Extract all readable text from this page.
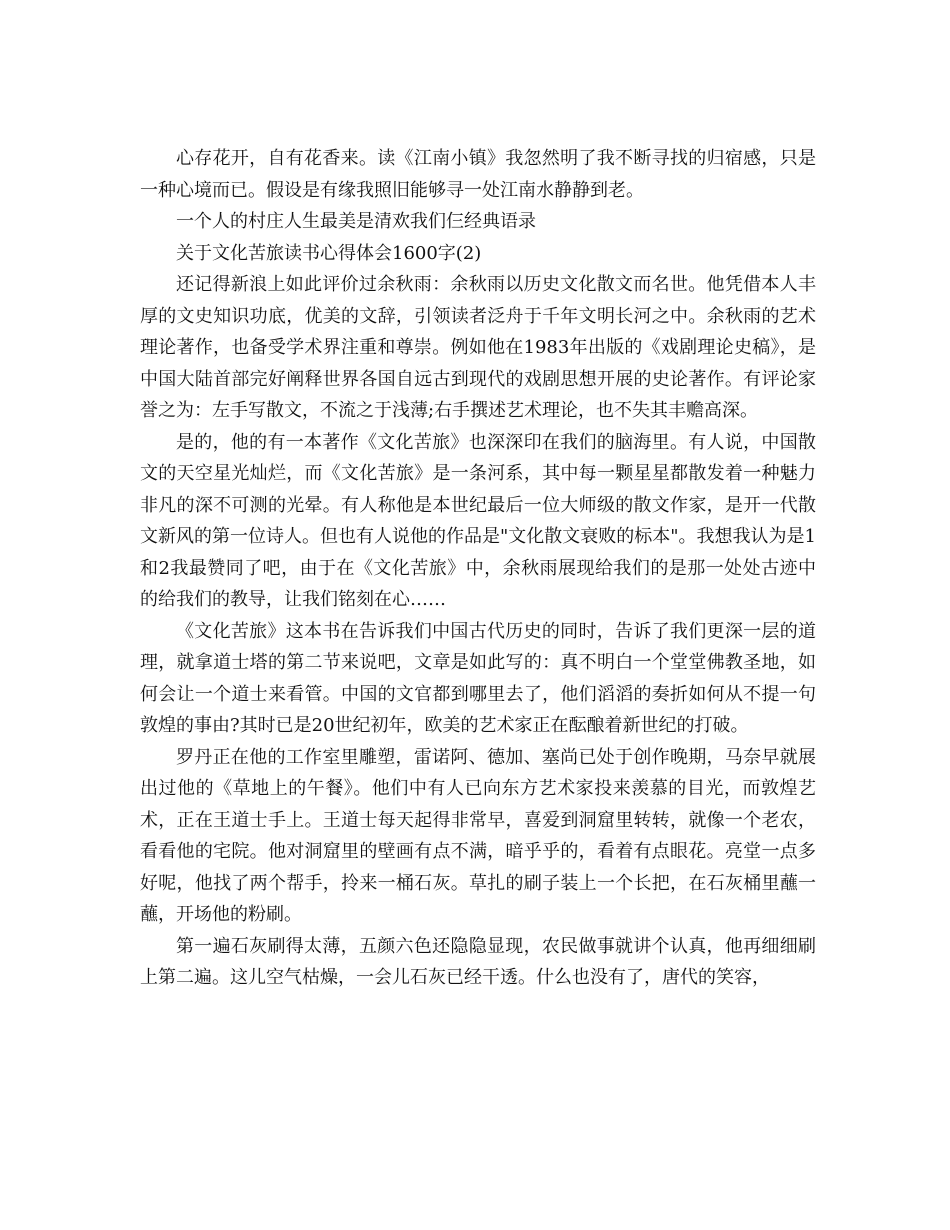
心存花开，自有花香来。读《江南小镇》我忽然明了我不断寻找的归宿感，只是一种心境而已。假设是有缘我照旧能够寻一处江南水静静到老。

一个人的村庄人生最美是清欢我们仨经典语录

关于文化苦旅读书心得体会1600字(2)

还记得新浪上如此评价过余秋雨：余秋雨以历史文化散文而名世。他凭借本人丰厚的文史知识功底，优美的文辞，引领读者泛舟于千年文明长河之中。余秋雨的艺术理论著作，也备受学术界注重和尊崇。例如他在1983年出版的《戏剧理论史稿》，是中国大陆首部完好阐释世界各国自远古到现代的戏剧思想开展的史论著作。有评论家誉之为：左手写散文，不流之于浅薄;右手撰述艺术理论，也不失其丰赡高深。

是的，他的有一本著作《文化苦旅》也深深印在我们的脑海里。有人说，中国散文的天空星光灿烂，而《文化苦旅》是一条河系，其中每一颗星星都散发着一种魅力非凡的深不可测的光晕。有人称他是本世纪最后一位大师级的散文作家，是开一代散文新风的第一位诗人。但也有人说他的作品是"文化散文衰败的标本"。我想我认为是1和2我最赞同了吧，由于在《文化苦旅》中，余秋雨展现给我们的是那一处处古迹中的给我们的教导，让我们铭刻在心……

《文化苦旅》这本书在告诉我们中国古代历史的同时，告诉了我们更深一层的道理，就拿道士塔的第二节来说吧，文章是如此写的：真不明白一个堂堂佛教圣地，如何会让一个道士来看管。中国的文官都到哪里去了，他们滔滔的奏折如何从不提一句敦煌的事由?其时已是20世纪初年，欧美的艺术家正在酝酿着新世纪的打破。

罗丹正在他的工作室里雕塑，雷诺阿、德加、塞尚已处于创作晚期，马奈早就展出过他的《草地上的午餐》。他们中有人已向东方艺术家投来羡慕的目光，而敦煌艺术，正在王道士手上。王道士每天起得非常早，喜爱到洞窟里转转，就像一个老农，看看他的宅院。他对洞窟里的壁画有点不满，暗乎乎的，看着有点眼花。亮堂一点多好呢，他找了两个帮手，拎来一桶石灰。草扎的刷子装上一个长把，在石灰桶里蘸一蘸，开场他的粉刷。

第一遍石灰刷得太薄，五颜六色还隐隐显现，农民做事就讲个认真，他再细细刷上第二遍。这儿空气枯燥，一会儿石灰已经干透。什么也没有了，唐代的笑容，
